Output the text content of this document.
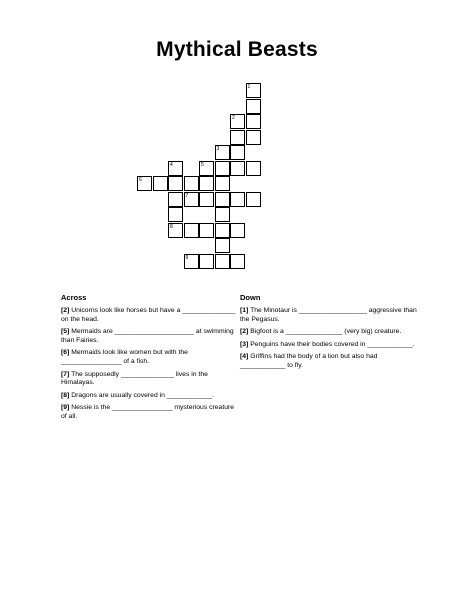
Mythical Beasts
1
2
3
4	5
6
7
8
9
Across	Down
[2] Unicorns look like horses but have a ______________ on the head.
[5] Mermaids are _____________________ at swimming than Fairies.
[6] Mermaids look like women but with the ________________ of a fish.
[7] The supposedly ______________ lives in the Himalayas.
[8] Dragons are usually covered in ____________.
[9] Nessie is the ________________ mysterious creature of all.
[1] The Minotaur is __________________ aggressive than the Pegasus.
[2] Bigfoot is a _______________ (very big) creature.
[3] Penguins have their bodies covered in ____________.
[4] Griffins had the body of a lion but also had ____________ to fly.
